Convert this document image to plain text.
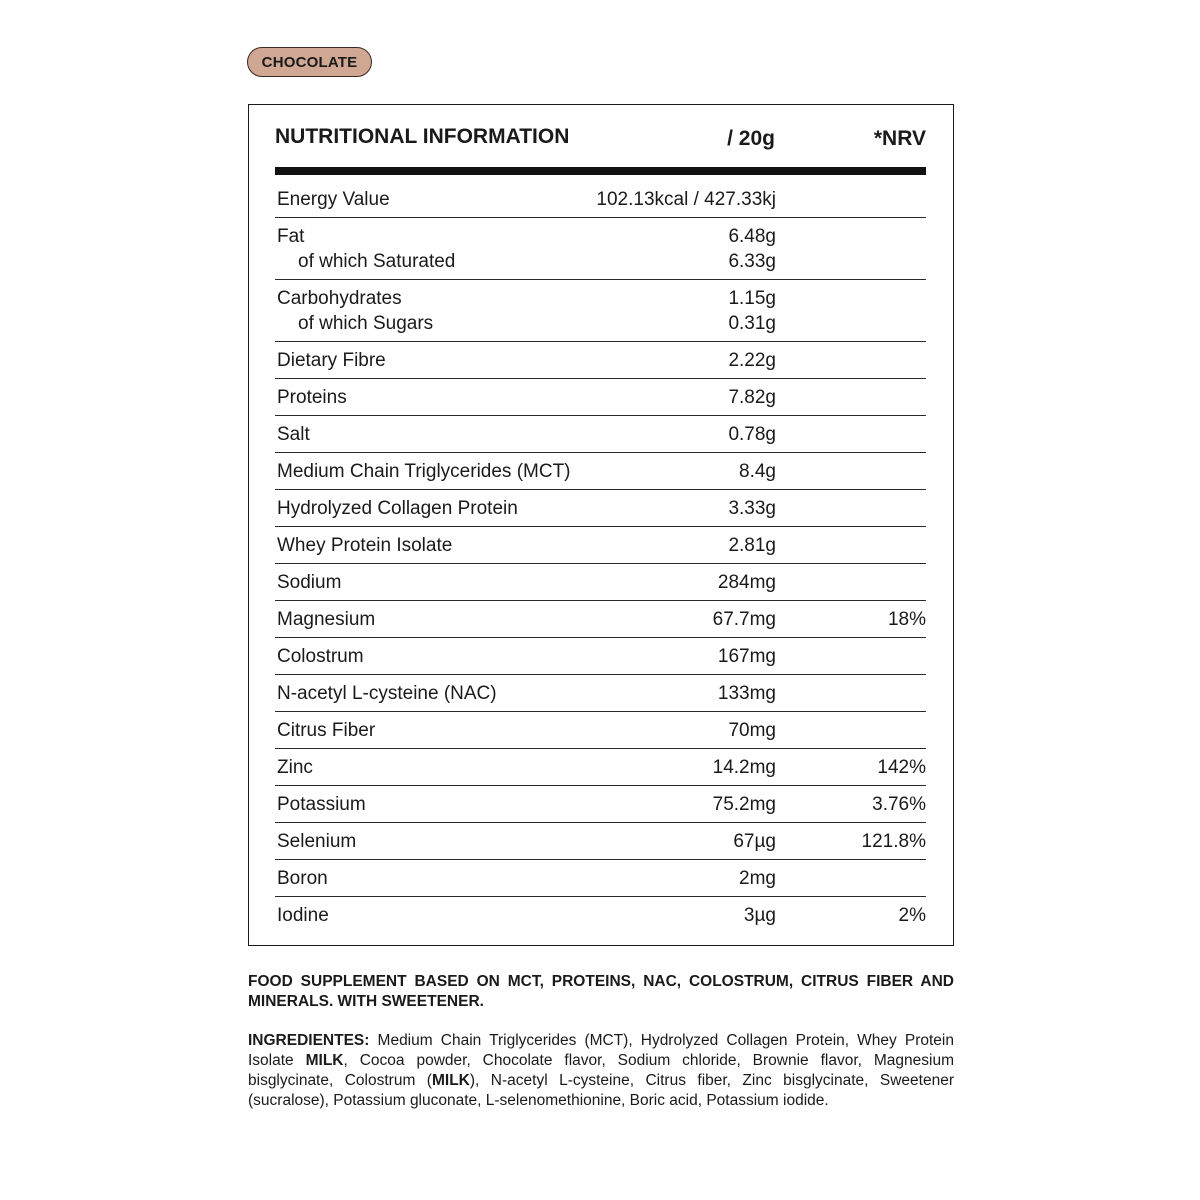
CHOCOLATE
NUTRITIONAL INFORMATION	/ 20g	*NRV
Energy Value	102.13kcal / 427.33kj
Fat	6.48g
of which Saturated	6.33g
Carbohydrates	1.15g
of which Sugars	0.31g
Dietary Fibre	2.22g
Proteins	7.82g
Salt	0.78g
Medium Chain Triglycerides (MCT)	8.4g
Hydrolyzed Collagen Protein	3.33g
Whey Protein Isolate	2.81g
Sodium	284mg
Magnesium	67.7mg	18%
Colostrum	167mg
N-acetyl L-cysteine (NAC)	133mg
Citrus Fiber	70mg
Zinc	14.2mg	142%
Potassium	75.2mg	3.76%
Selenium	67µg	121.8%
Boron	2mg
Iodine	3µg	2%
FOOD SUPPLEMENT BASED ON MCT, PROTEINS, NAC, COLOSTRUM, CITRUS FIBER AND MINERALS. WITH SWEETENER.
INGREDIENTES: Medium Chain Triglycerides (MCT), Hydrolyzed Collagen Protein, Whey Protein Isolate MILK, Cocoa powder, Chocolate flavor, Sodium chloride, Brownie flavor, Magnesium bisglycinate, Colostrum (MILK), N-acetyl L-cysteine, Citrus fiber, Zinc bisglycinate, Sweetener (sucralose), Potassium gluconate, L-selenomethionine, Boric acid, Potassium iodide.
